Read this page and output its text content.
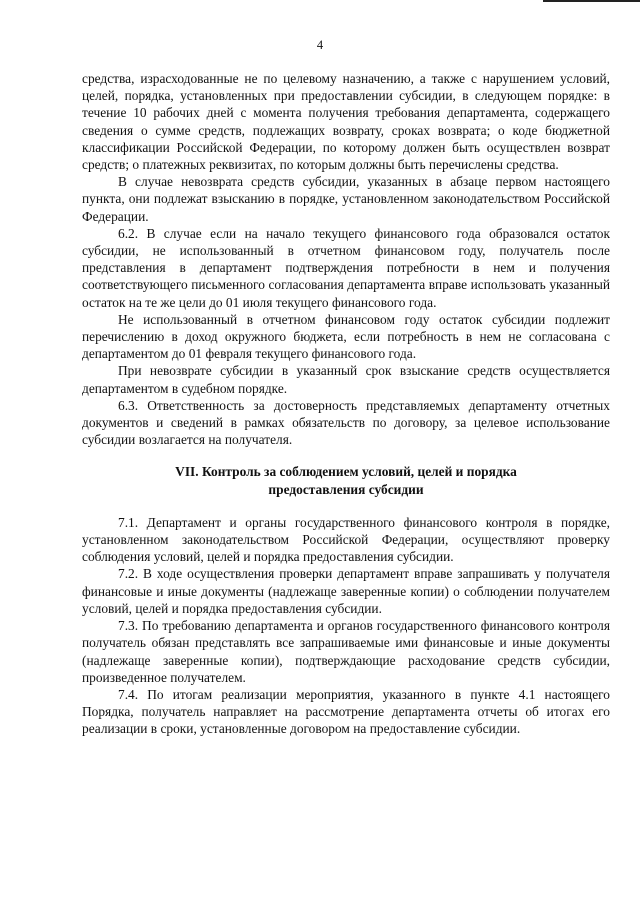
4

средства, израсходованные не по целевому назначению, а также с нарушением условий, целей, порядка, установленных при предоставлении субсидии, в следующем порядке: в течение 10 рабочих дней с момента получения требования департамента, содержащего сведения о сумме средств, подлежащих возврату, сроках возврата; о коде бюджетной классификации Российской Федерации, по которому должен быть осуществлен возврат средств; о платежных реквизитах, по которым должны быть перечислены средства.

В случае невозврата средств субсидии, указанных в абзаце первом настоящего пункта, они подлежат взысканию в порядке, установленном законодательством Российской Федерации.

6.2. В случае если на начало текущего финансового года образовался остаток субсидии, не использованный в отчетном финансовом году, получатель после представления в департамент подтверждения потребности в нем и получения соответствующего письменного согласования департамента вправе использовать указанный остаток на те же цели до 01 июля текущего финансового года.

Не использованный в отчетном финансовом году остаток субсидии подлежит перечислению в доход окружного бюджета, если потребность в нем не согласована с департаментом до 01 февраля текущего финансового года.

При невозврате субсидии в указанный срок взыскание средств осуществляется департаментом в судебном порядке.

6.3. Ответственность за достоверность представляемых департаменту отчетных документов и сведений в рамках обязательств по договору, за целевое использование субсидии возлагается на получателя.

VII. Контроль за соблюдением условий, целей и порядка
предоставления субсидии

7.1. Департамент и органы государственного финансового контроля в порядке, установленном законодательством Российской Федерации, осуществляют проверку соблюдения условий, целей и порядка предоставления субсидии.

7.2. В ходе осуществления проверки департамент вправе запрашивать у получателя финансовые и иные документы (надлежаще заверенные копии) о соблюдении получателем условий, целей и порядка предоставления субсидии.

7.3. По требованию департамента и органов государственного финансового контроля получатель обязан представлять все запрашиваемые ими финансовые и иные документы (надлежаще заверенные копии), подтверждающие расходование средств субсидии, произведенное получателем.

7.4. По итогам реализации мероприятия, указанного в пункте 4.1 настоящего Порядка, получатель направляет на рассмотрение департамента отчеты об итогах его реализации в сроки, установленные договором на предоставление субсидии.
